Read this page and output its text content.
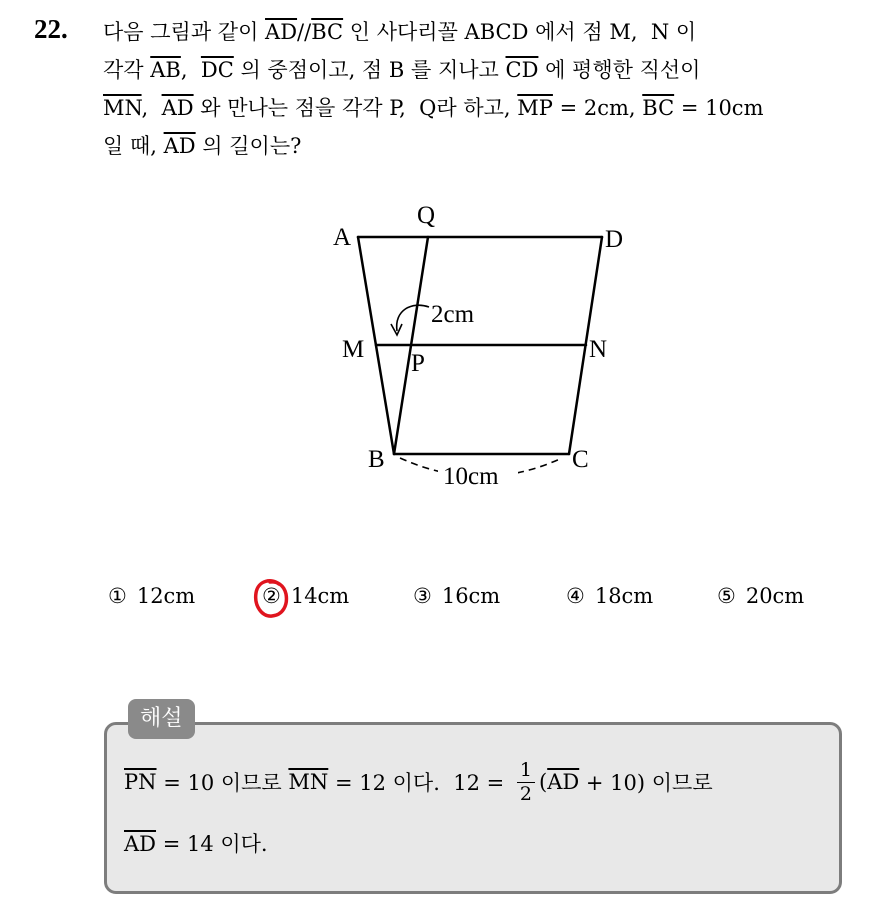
22. 다음 그림과 같이 $\overline{AD}//\overline{BC}$ 인 사다리꼴 ABCD 에서 점 M,  N 이
각각 $\overline{AB}$,  $\overline{DC}$ 의 중점이고, 점 B 를 지나고 $\overline{CD}$ 에 평행한 직선이
$\overline{MN}$,  $\overline{AD}$ 와 만나는 점을 각각 P,  Q라 하고, $\overline{MP} = 2cm$, $\overline{BC} = 10cm$
일 때, $\overline{AD}$ 의 길이는?
A
Q
D
M
P
N
B	C
2cm
10cm
① 12cm	② 14cm	③ 16cm	④ 18cm	⑤ 20cm
해설
$\overline{PN} = 10$ 이므로 $\overline{MN} = 12$ 이다.  $12 = \frac{1}{2}$ ( $\overline{AD} + 10$) 이므로
$\overline{AD} = 14$ 이다.
